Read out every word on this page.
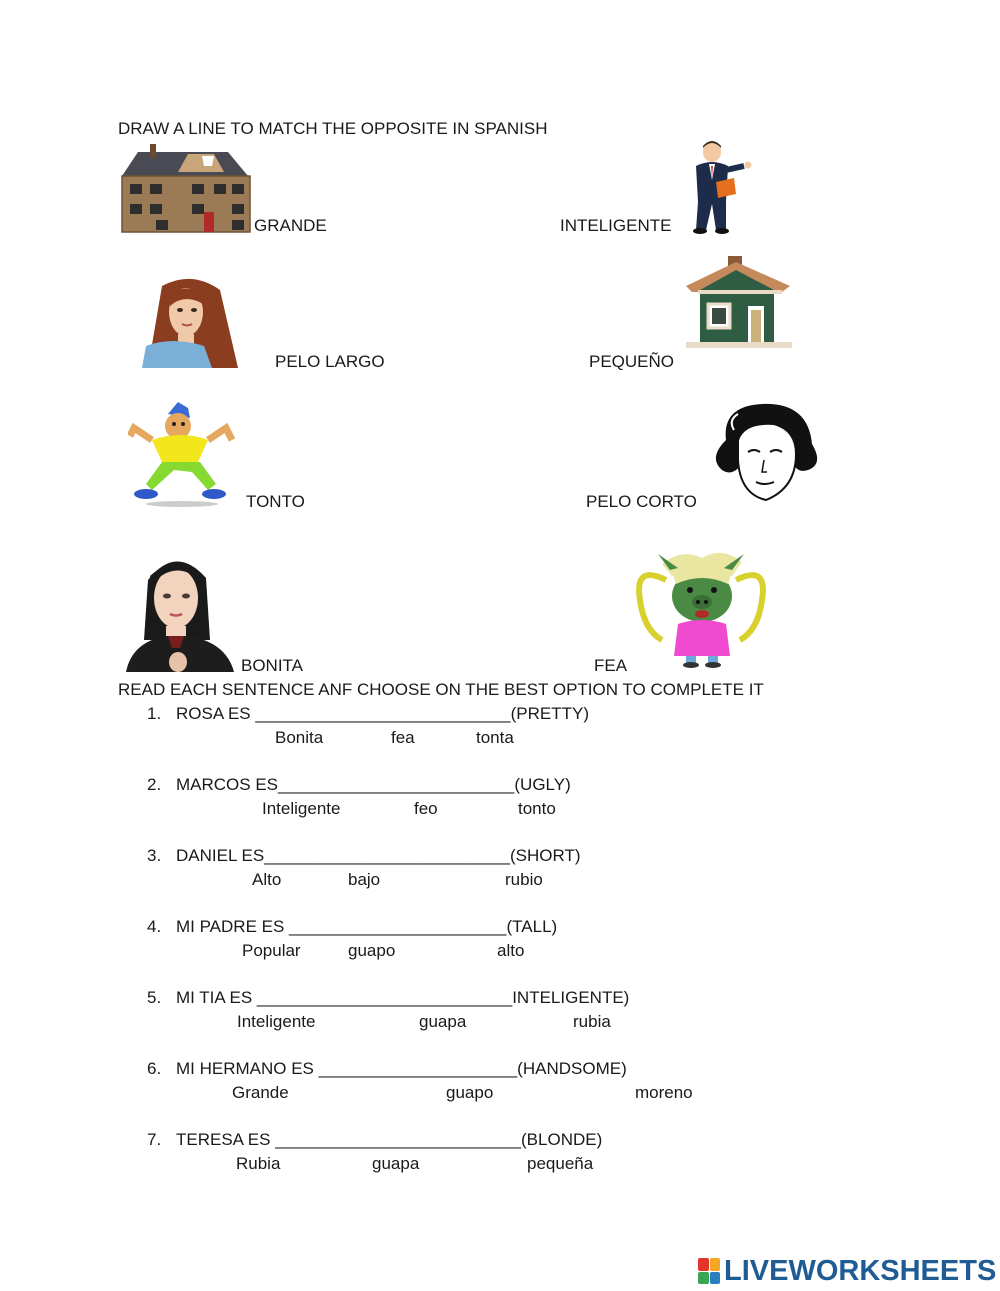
DRAW A LINE TO MATCH THE OPPOSITE IN SPANISH
GRANDE
PELO LARGO
TONTO
BONITA
INTELIGENTE
PEQUEÑO
PELO CORTO
FEA
READ EACH SENTENCE ANF CHOOSE ON THE BEST OPTION TO COMPLETE IT
1. ROSA ES ___________________________(PRETTY)
Bonita	fea	tonta
2. MARCOS ES_________________________(UGLY)
Inteligente	feo	tonto
3. DANIEL ES__________________________(SHORT)
Alto	bajo	rubio
4. MI PADRE ES _______________________(TALL)
Popular	guapo	alto
5. MI TIA ES ___________________________INTELIGENTE)
Inteligente	guapa	rubia
6. MI HERMANO ES _____________________(HANDSOME)
Grande	guapo	moreno
7. TERESA ES __________________________(BLONDE)
Rubia	guapa	pequeña
LIVEWORKSHEETS
